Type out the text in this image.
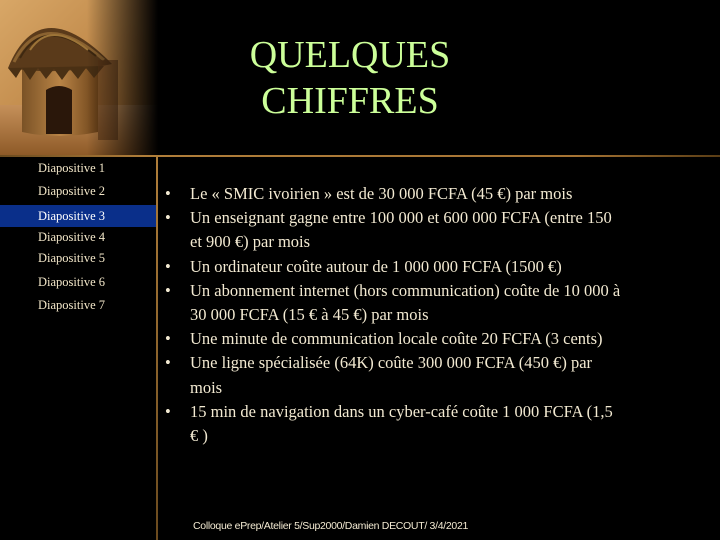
QUELQUES
CHIFFRES
Diapositive 1
Diapositive 2
Diapositive 3
Diapositive 4
Diapositive 5
Diapositive 6
Diapositive 7
•	Le « SMIC ivoirien » est de 30 000 FCFA (45 €) par mois
•	Un enseignant gagne entre 100 000 et 600 000 FCFA (entre 150
et 900 €) par mois
•	Un ordinateur coûte autour de 1 000 000 FCFA (1500 €)
•	Un abonnement internet (hors communication) coûte de 10 000 à
30 000 FCFA (15 € à 45 €) par mois
•	Une minute de communication locale coûte 20 FCFA (3 cents)
•	Une ligne spécialisée (64K) coûte 300 000 FCFA (450 €) par
mois
•	15 min de navigation dans un cyber-café coûte 1 000 FCFA (1,5
€ )
Colloque ePrep/Atelier 5/Sup2000/Damien DECOUT/ 3/4/2021
